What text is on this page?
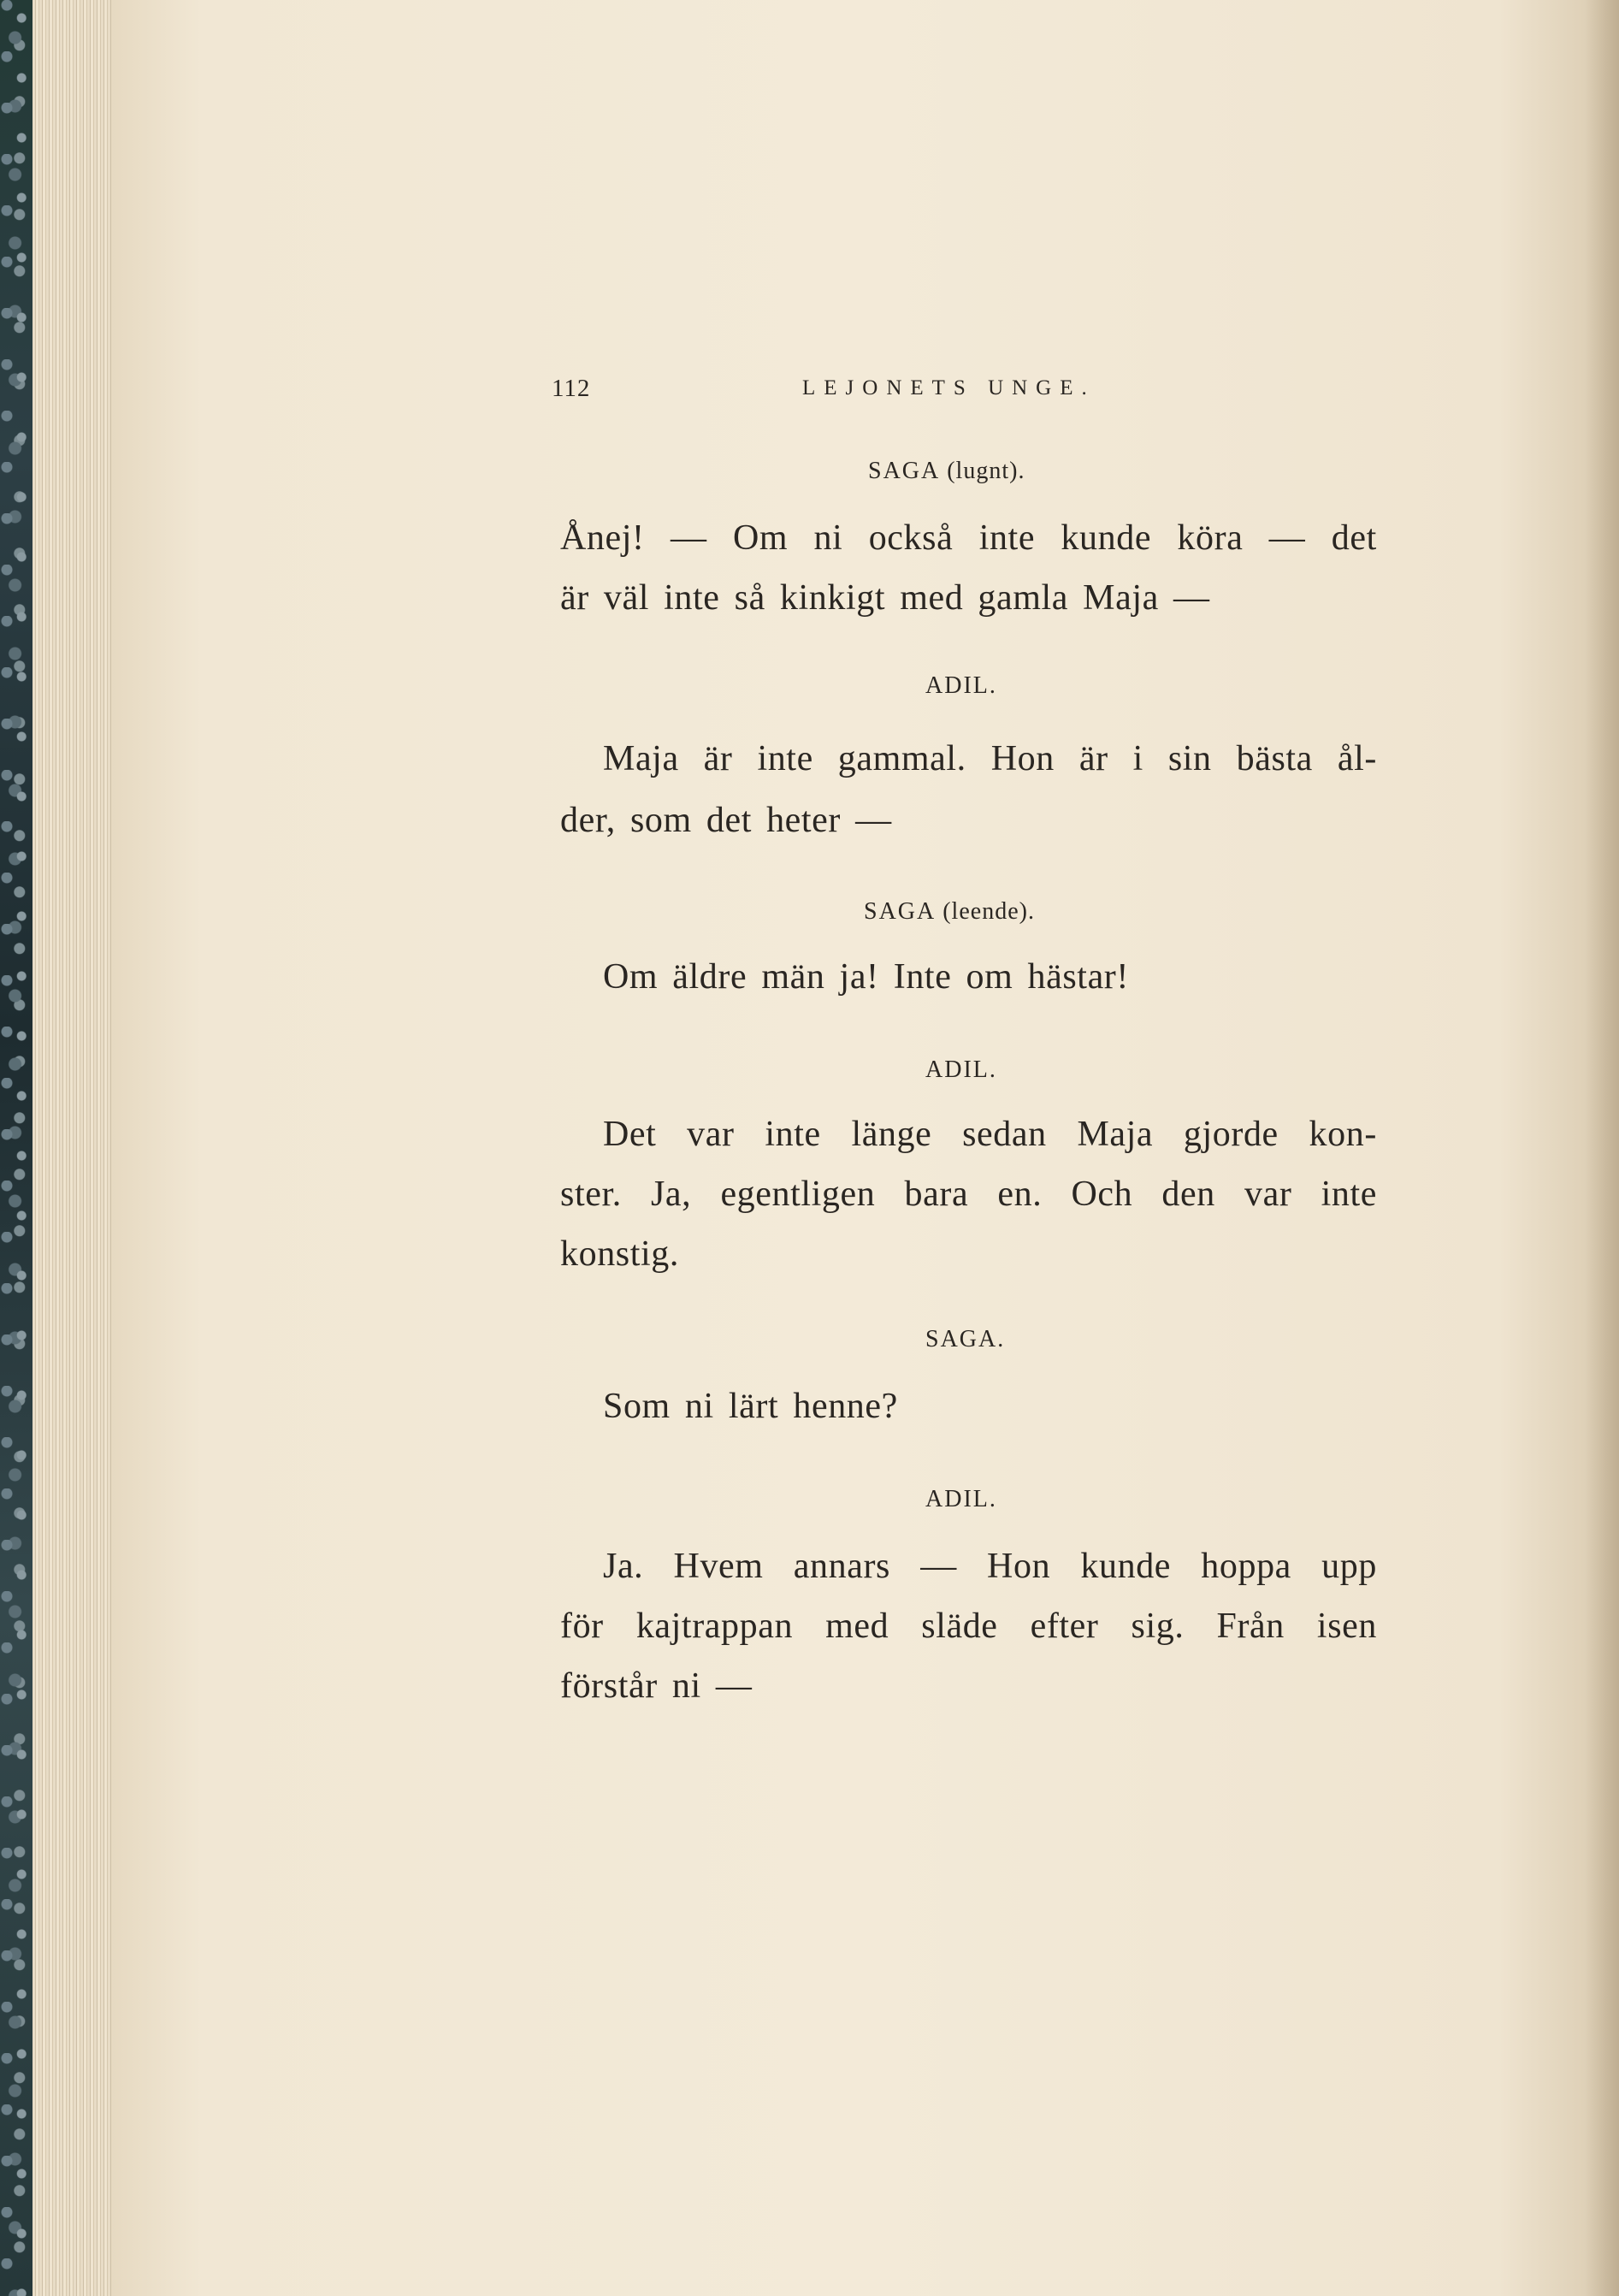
112	LEJONETS UNGE.
SAGA (lugnt).
Ånej! — Om ni också inte kunde köra — det
är väl inte så kinkigt med gamla Maja —
ADIL.
Maja är inte gammal. Hon är i sin bästa ål-
der, som det heter —
SAGA (leende).
Om äldre män ja! Inte om hästar!
ADIL.
Det var inte länge sedan Maja gjorde kon-
ster. Ja, egentligen bara en. Och den var inte
konstig.
SAGA.
Som ni lärt henne?
ADIL.
Ja. Hvem annars — Hon kunde hoppa upp
för kajtrappan med släde efter sig. Från isen
förstår ni —
